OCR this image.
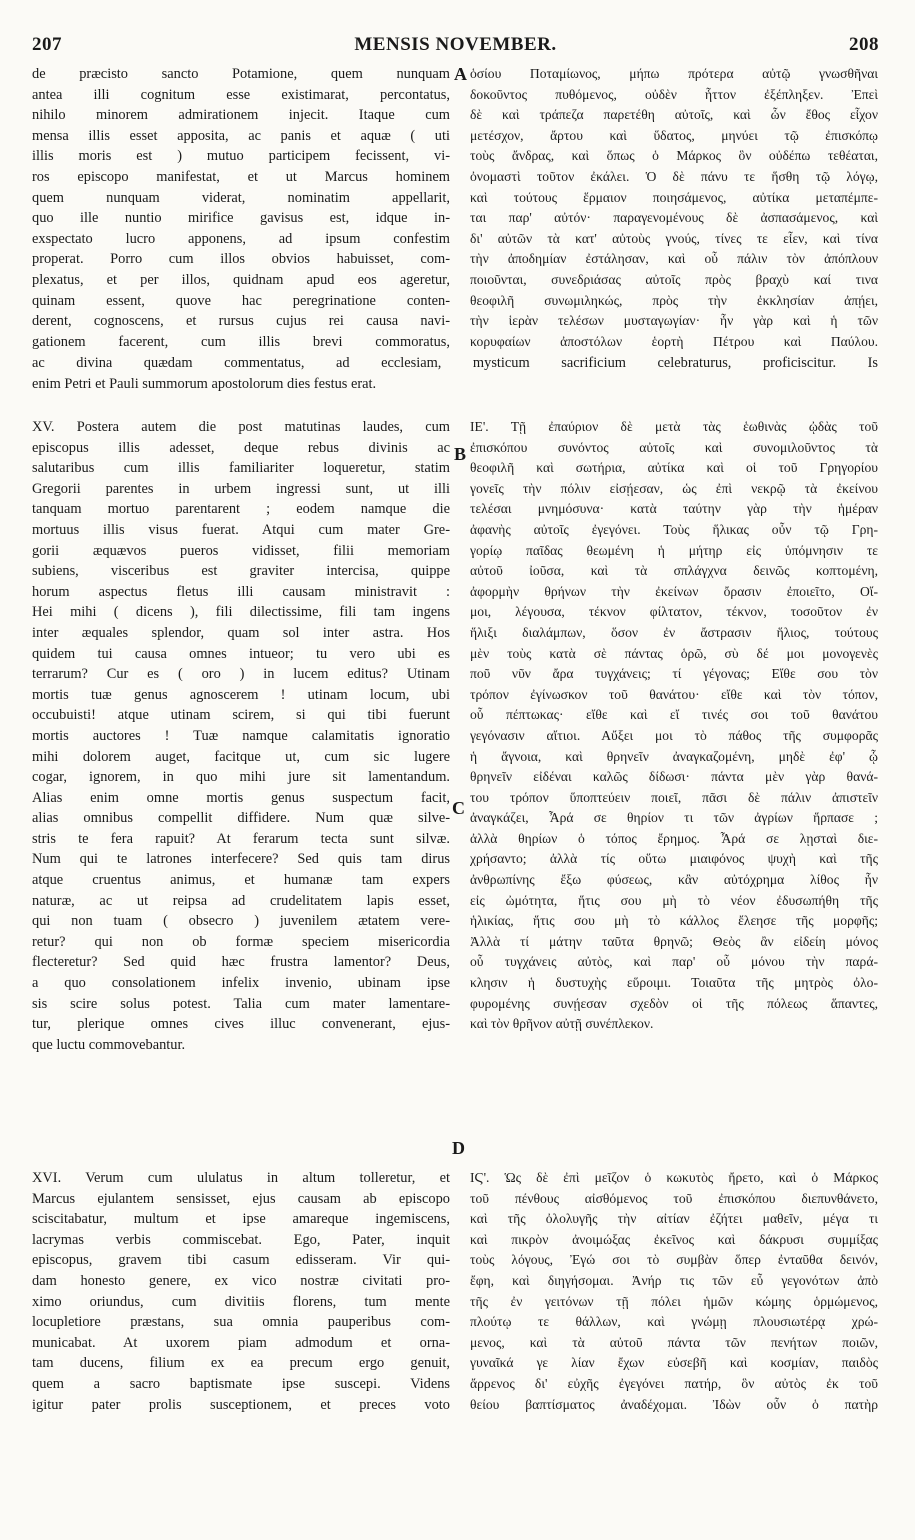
207	MENSIS NOVEMBER.	208
A
B
C
D
de præcisto sancto Potamione, quem nunquam
antea illi cognitum esse existimarat, percontatus,
nihilo minorem admirationem injecit. Itaque cum
mensa illis esset apposita, ac panis et aquæ ( uti
illis moris est ) mutuo participem fecissent, vi-
ros episcopo manifestat, et ut Marcus hominem
quem nunquam viderat, nominatim appellarit,
quo ille nuntio mirifice gavisus est, idque in-
exspectato lucro apponens, ad ipsum confestim
properat. Porro cum illos obvios habuisset, com-
plexatus, et per illos, quidnam apud eos ageretur,
quinam essent, quove hac peregrinatione conten-
derent, cognoscens, et rursus cujus rei causa navi-
gationem facerent, cum illis brevi commoratus,
ὁσίου Ποταμίωνος, μήπω πρότερα αὐτῷ γνωσθῆναι
δοκοῦντος πυθόμενος, οὐδὲν ἧττον ἐξέπληξεν. Ἐπεὶ
δὲ καὶ τράπεζα παρετέθη αὐτοῖς, καὶ ὧν ἔθος εἶχον
μετέσχον, ἄρτου καὶ ὕδατος, μηνύει τῷ ἐπισκόπῳ
τοὺς ἄνδρας, καὶ ὅπως ὁ Μάρκος ὃν οὐδέπω τεθέαται,
ὀνομαστὶ τοῦτον ἐκάλει. Ὁ δὲ πάνυ τε ἥσθη τῷ λόγῳ,
καὶ τούτους ἕρμαιον ποιησάμενος, αὐτίκα μεταπέμπε-
ται παρ' αὐτόν· παραγενομένους δὲ ἀσπασάμενος, καὶ
δι' αὐτῶν τὰ κατ' αὐτοὺς γνούς, τίνες τε εἶεν, καὶ τίνα
τὴν ἀποδημίαν ἐστάλησαν, καὶ οὗ πάλιν τὸν ἀπόπλουν
ποιοῦνται, συνεδριάσας αὐτοῖς πρὸς βραχὺ καί τινα
θεοφιλῆ συνωμιληκώς, πρὸς τὴν ἐκκλησίαν ἀπῄει,
τὴν ἱερὰν τελέσων μυσταγωγίαν· ἦν γὰρ καὶ ἡ τῶν
κορυφαίων ἀποστόλων ἑορτὴ Πέτρου καὶ Παύλου.
ac divina quædam commentatus, ad ecclesiam, mysticum sacrificium celebraturus, proficiscitur. Is
enim Petri et Pauli summorum apostolorum dies festus erat.
XV. Postera autem die post matutinas laudes, cum
episcopus illis adesset, deque rebus divinis ac
salutaribus cum illis familiariter loqueretur, statim
Gregorii parentes in urbem ingressi sunt, ut illi
tanquam mortuo parentarent ; eodem namque die
mortuus illis visus fuerat. Atqui cum mater Gre-
gorii æquævos pueros vidisset, filii memoriam
subiens, visceribus est graviter intercisa, quippe
horum aspectus fletus illi causam ministravit :
Hei mihi ( dicens ), fili dilectissime, fili tam ingens
inter æquales splendor, quam sol inter astra. Hos
quidem tui causa omnes intueor; tu vero ubi es
terrarum? Cur es ( oro ) in lucem editus? Utinam
mortis tuæ genus agnoscerem ! utinam locum, ubi
occubuisti! atque utinam scirem, si qui tibi fuerunt
mortis auctores ! Tuæ namque calamitatis ignoratio
mihi dolorem auget, facitque ut, cum sic lugere
cogar, ignorem, in quo mihi jure sit lamentandum.
Alias enim omne mortis genus suspectum facit,
alias omnibus compellit diffidere. Num quæ silve-
stris te fera rapuit? At ferarum tecta sunt silvæ.
Num qui te latrones interfecere? Sed quis tam dirus
atque cruentus animus, et humanæ tam expers
naturæ, ac ut reipsa ad crudelitatem lapis esset,
qui non tuam ( obsecro ) juvenilem ætatem vere-
retur? qui non ob formæ speciem misericordia
flecteretur? Sed quid hæc frustra lamentor? Deus,
a quo consolationem infelix invenio, ubinam ipse
sis scire solus potest. Talia cum mater lamentare-
tur, plerique omnes cives illuc convenerant, ejus-
que luctu commovebantur.
ΙΕ'. Τῇ ἐπαύριον δὲ μετὰ τὰς ἑωθινὰς ᾠδὰς τοῦ
ἐπισκόπου συνόντος αὐτοῖς καὶ συνομιλοῦντος τὰ
θεοφιλῆ καὶ σωτήρια, αὐτίκα καὶ οἱ τοῦ Γρηγορίου
γονεῖς τὴν πόλιν εἰσῄεσαν, ὡς ἐπὶ νεκρῷ τὰ ἐκείνου
τελέσαι μνημόσυνα· κατὰ ταύτην γὰρ τὴν ἡμέραν
ἀφανὴς αὐτοῖς ἐγεγόνει. Τοὺς ἥλικας οὖν τῷ Γρη-
γορίῳ παῖδας θεωμένη ἡ μήτηρ εἰς ὑπόμνησιν τε
αὐτοῦ ἰοῦσα, καὶ τὰ σπλάγχνα δεινῶς κοπτομένη,
ἀφορμὴν θρήνων τὴν ἐκείνων ὄρασιν ἐποιεῖτο, Οἴ-
μοι, λέγουσα, τέκνον φίλτατον, τέκνον, τοσοῦτον ἐν
ἥλιξι διαλάμπων, ὅσον ἐν ἄστρασιν ἥλιος, τούτους
μὲν τοὺς κατὰ σὲ πάντας ὁρῶ, σὺ δέ μοι μονογενὲς
ποῦ νῦν ἄρα τυγχάνεις; τί γέγονας; Εἴθε σου τὸν
τρόπον ἐγίνωσκον τοῦ θανάτου· εἴθε καὶ τὸν τόπον,
οὗ πέπτωκας· εἴθε καὶ εἴ τινές σοι τοῦ θανάτου
γεγόνασιν αἴτιοι. Αὔξει μοι τὸ πάθος τῆς συμφορᾶς
ἡ ἄγνοια, καὶ θρηνεῖν ἀναγκαζομένη, μηδὲ ἐφ' ᾧ
θρηνεῖν εἰδέναι καλῶς δίδωσι· πάντα μὲν γὰρ θανά-
του τρόπον ὕποπτεύειν ποιεῖ, πᾶσι δὲ πάλιν ἀπιστεῖν
ἀναγκάζει, Ἆρά σε θηρίον τι τῶν ἀγρίων ἥρπασε ;
ἀλλὰ θηρίων ὁ τόπος ἔρημος. Ἆρά σε λῃσταὶ διε-
χρήσαντο; ἀλλὰ τίς οὕτω μιαιφόνος ψυχὴ καὶ τῆς
ἀνθρωπίνης ἔξω φύσεως, κἂν αὐτόχρημα λίθος ἦν
εἰς ὠμότητα, ἥτις σου μὴ τὸ νέον ἐδυσωπήθη τῆς
ἡλικίας, ἥτις σου μὴ τὸ κάλλος ἔλεησε τῆς μορφῆς;
Ἀλλὰ τί μάτην ταῦτα θρηνῶ; Θεὸς ἂν εἰδείη μόνος
οὗ τυγχάνεις αὐτὸς, καὶ παρ' οὗ μόνου τὴν παρά-
κλησιν ἡ δυστυχὴς εὕροιμι. Τοιαῦτα τῆς μητρὸς ὀλο-
φυρομένης συνῄεσαν σχεδὸν οἱ τῆς πόλεως ἅπαντες,
καὶ τὸν θρῆνον αὐτῇ συνέπλεκον.
XVI. Verum cum ululatus in altum tolleretur, et
Marcus ejulantem sensisset, ejus causam ab episcopo
sciscitabatur, multum et ipse amareque ingemiscens,
lacrymas verbis commiscebat. Ego, Pater, inquit
episcopus, gravem tibi casum edisseram. Vir qui-
dam honesto genere, ex vico nostræ civitati pro-
ximo oriundus, cum divitiis florens, tum mente
locupletiore præstans, sua omnia pauperibus com-
municabat. At uxorem piam admodum et orna-
tam ducens, filium ex ea precum ergo genuit,
quem a sacro baptismate ipse suscepi. Videns
igitur pater prolis susceptionem, et preces voto
ΙϚ'. Ὡς δὲ ἐπὶ μεῖζον ὁ κωκυτὸς ἤρετο, καὶ ὁ Μάρκος
τοῦ πένθους αἰσθόμενος τοῦ ἐπισκόπου διεπυνθάνετο,
καὶ τῆς ὀλολυγῆς τὴν αἰτίαν ἐζήτει μαθεῖν, μέγα τι
καὶ πικρὸν ἀνοιμώξας ἐκεῖνος καὶ δάκρυσι συμμίξας
τοὺς λόγους, Ἐγώ σοι τὸ συμβὰν ὅπερ ἐνταῦθα δεινόν,
ἔφη, καὶ διηγήσομαι. Ἀνήρ τις τῶν εὖ γεγονότων ἀπὸ
τῆς ἐν γειτόνων τῇ πόλει ἡμῶν κώμης ὁρμώμενος,
πλούτῳ τε θάλλων, καὶ γνώμῃ πλουσιωτέρᾳ χρώ-
μενος, καὶ τὰ αὐτοῦ πάντα τῶν πενήτων ποιῶν,
γυναῖκά γε λίαν ἔχων εὐσεβῆ καὶ κοσμίαν, παιδὸς
ἄρρενος δι' εὐχῆς ἐγεγόνει πατήρ, ὃν αὐτὸς ἐκ τοῦ
θείου βαπτίσματος ἀναδέχομαι. Ἰδὼν οὖν ὁ πατὴρ
